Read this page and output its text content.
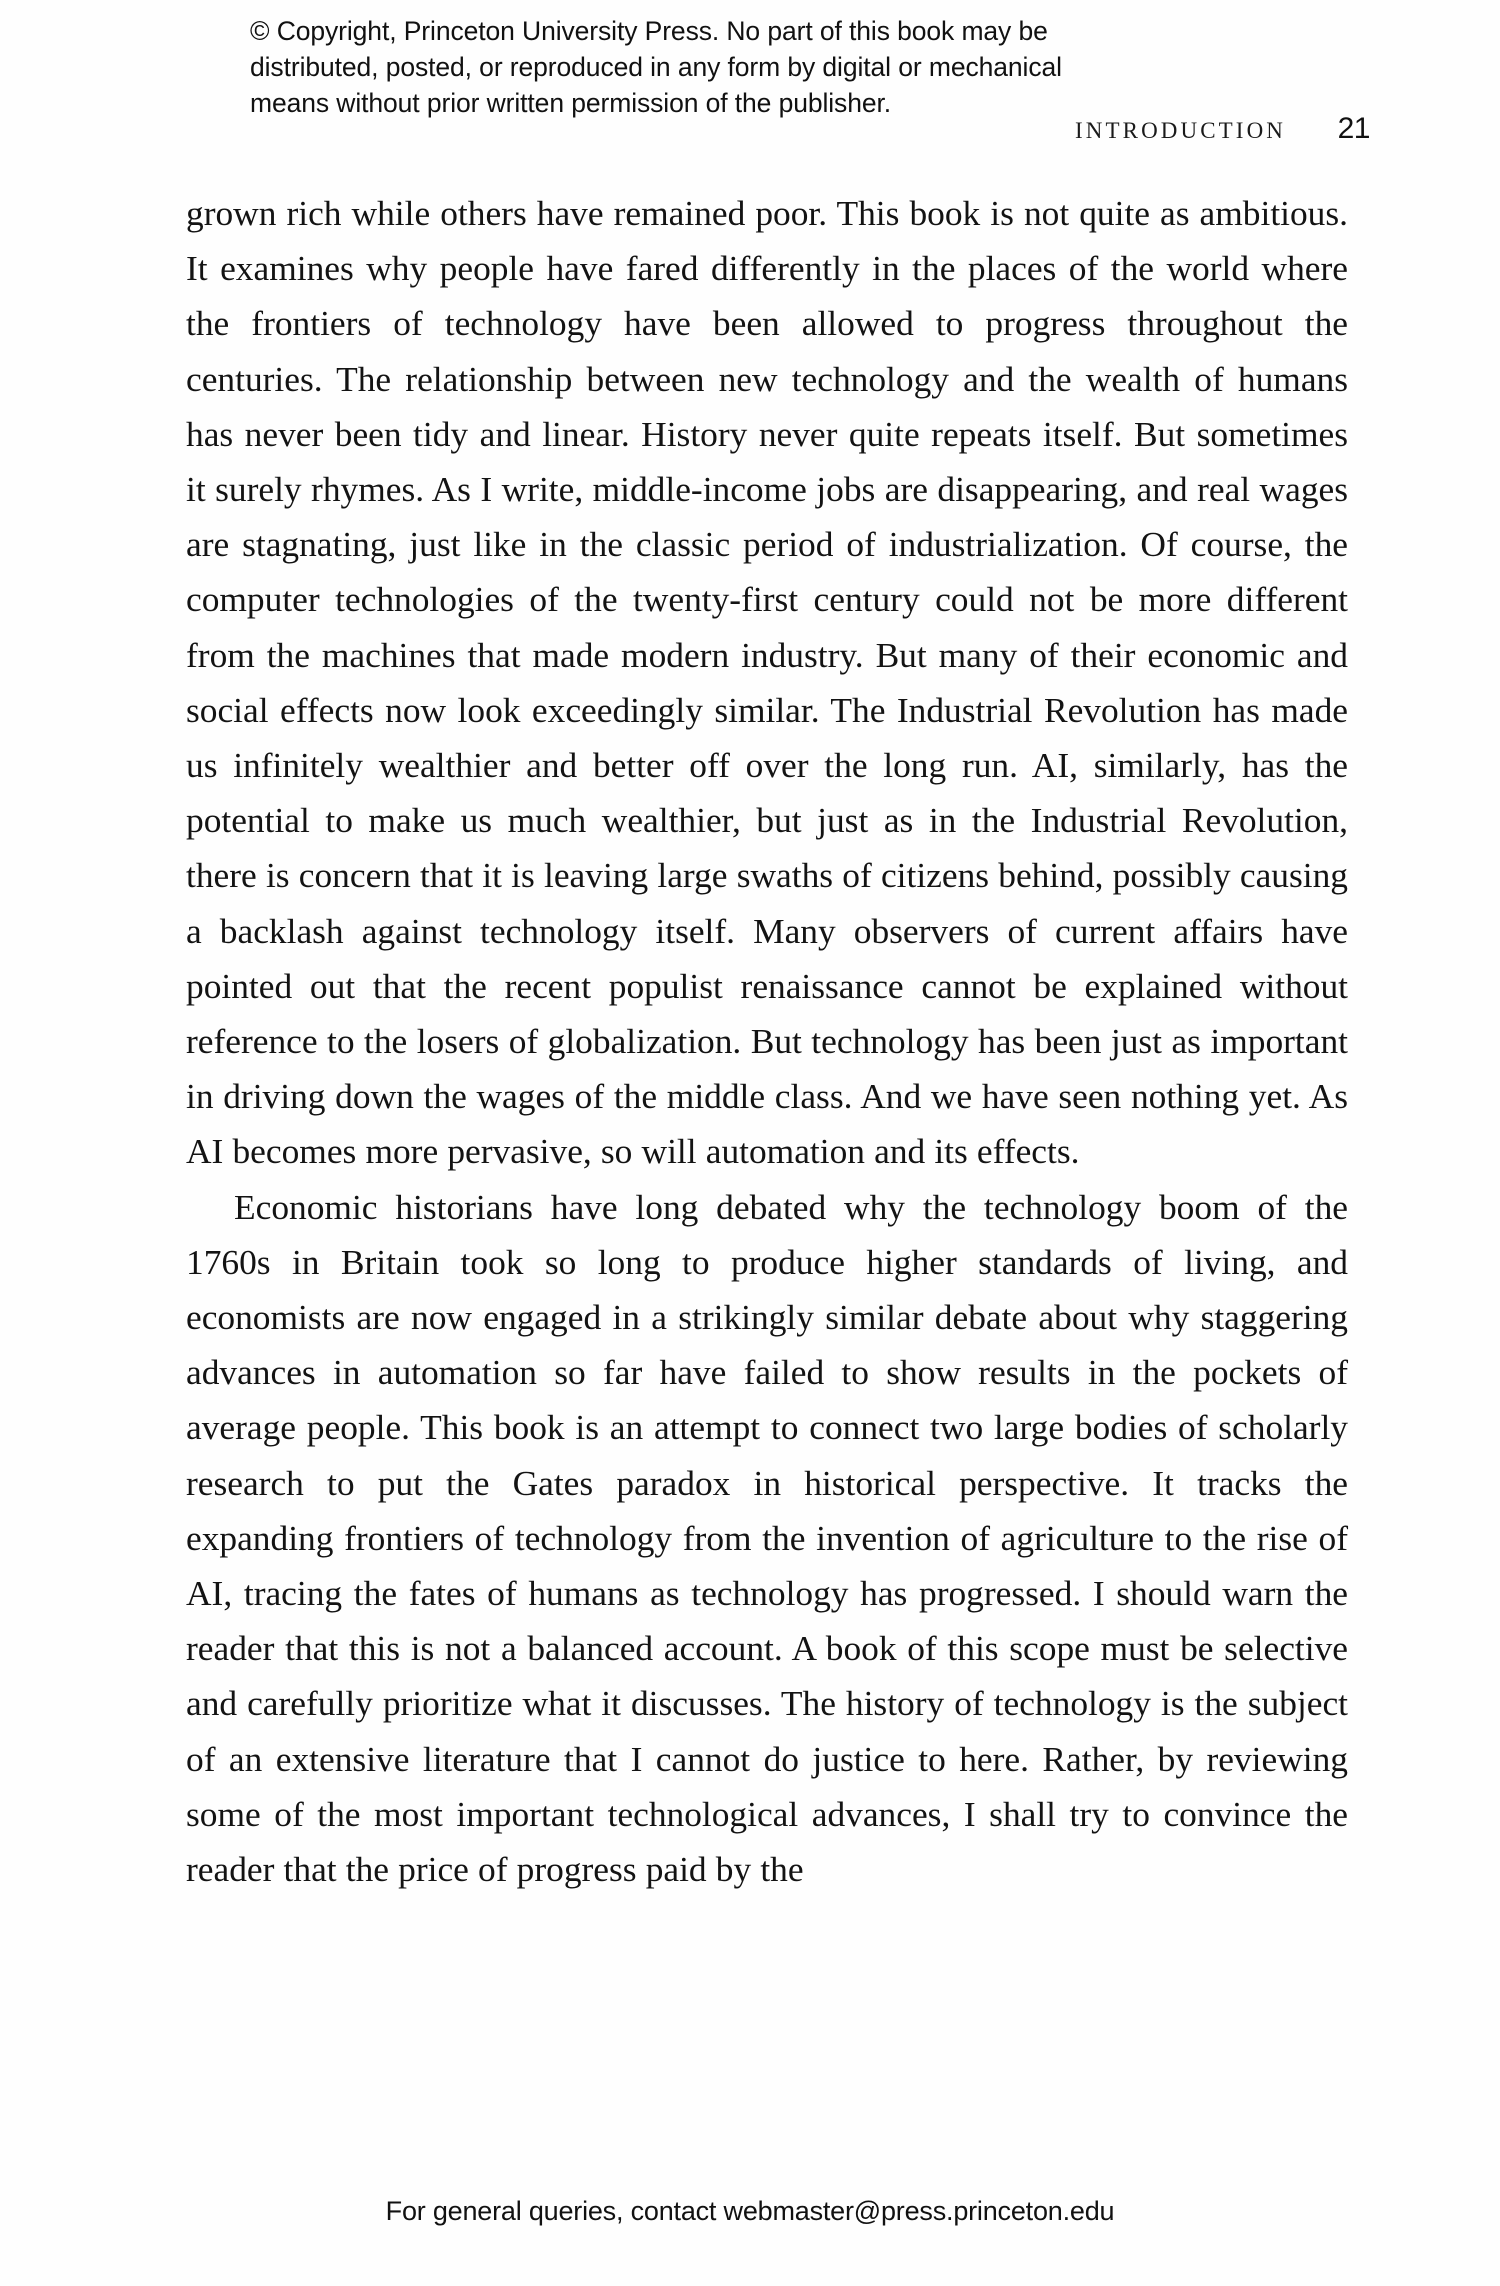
© Copyright, Princeton University Press. No part of this book may be
distributed, posted, or reproduced in any form by digital or mechanical
means without prior written permission of the publisher.
INTRODUCTION	21

grown rich while others have remained poor. This book is not quite as ambitious. It examines why people have fared differently in the places of the world where the frontiers of technology have been allowed to progress throughout the centuries. The relationship between new technology and the wealth of humans has never been tidy and linear. History never quite repeats itself. But sometimes it surely rhymes. As I write, middle-income jobs are disappearing, and real wages are stagnating, just like in the classic period of industrialization. Of course, the computer technologies of the twenty-first century could not be more different from the machines that made modern industry. But many of their economic and social effects now look exceedingly similar. The Industrial Revolution has made us infinitely wealthier and better off over the long run. AI, similarly, has the potential to make us much wealthier, but just as in the Industrial Revolution, there is concern that it is leaving large swaths of citizens behind, possibly causing a backlash against technology itself. Many observers of current affairs have pointed out that the recent populist renaissance cannot be explained without reference to the losers of globalization. But technology has been just as important in driving down the wages of the middle class. And we have seen nothing yet. As AI becomes more pervasive, so will automation and its effects.

Economic historians have long debated why the technology boom of the 1760s in Britain took so long to produce higher standards of living, and economists are now engaged in a strikingly similar debate about why staggering advances in automation so far have failed to show results in the pockets of average people. This book is an attempt to connect two large bodies of scholarly research to put the Gates paradox in historical perspective. It tracks the expanding frontiers of technology from the invention of agriculture to the rise of AI, tracing the fates of humans as technology has progressed. I should warn the reader that this is not a balanced account. A book of this scope must be selective and carefully prioritize what it discusses. The history of technology is the subject of an extensive literature that I cannot do justice to here. Rather, by reviewing some of the most important technological advances, I shall try to convince the reader that the price of progress paid by the

For general queries, contact webmaster@press.princeton.edu
